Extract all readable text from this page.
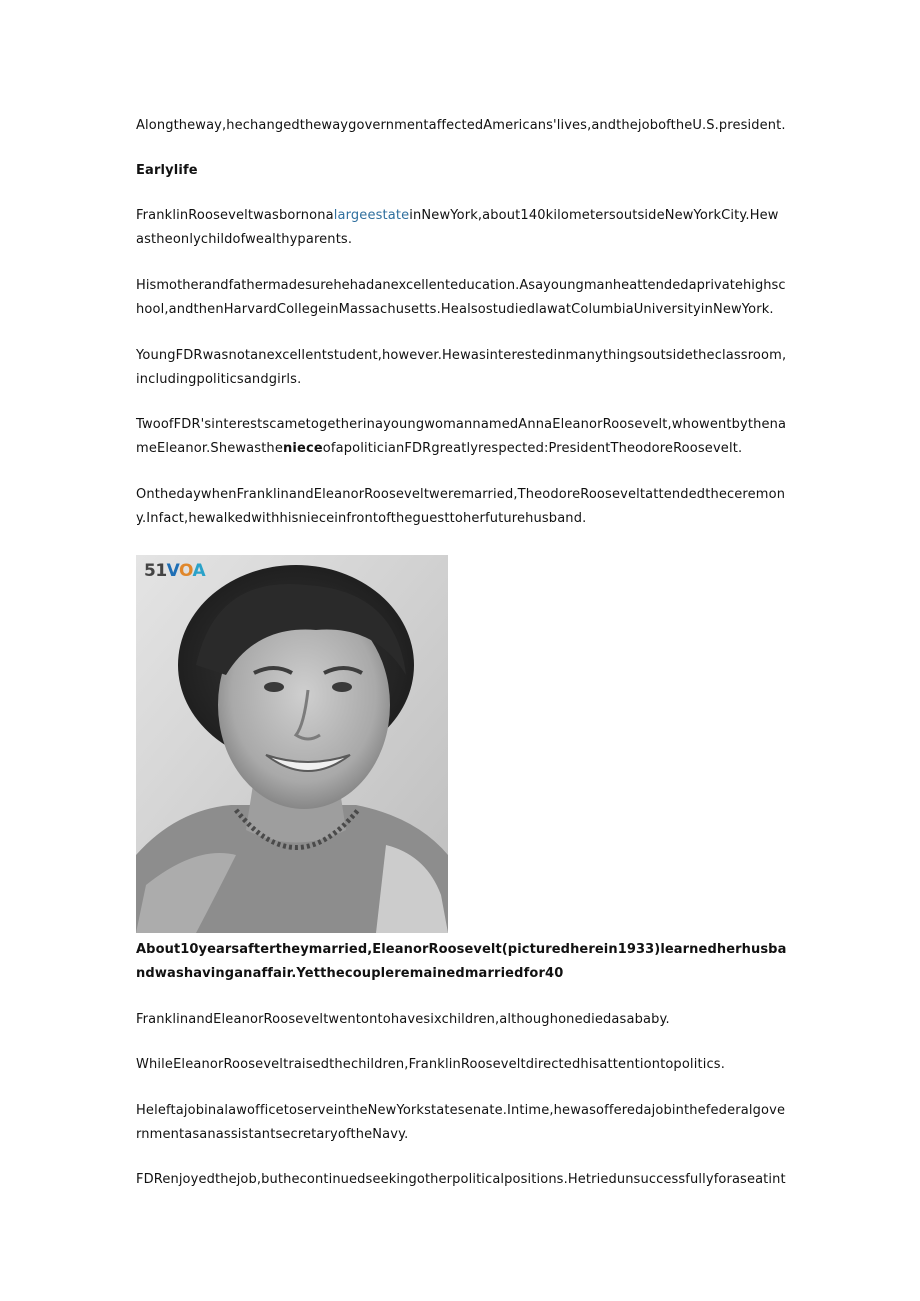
Alongtheway,hechangedthewaygovernmentaffectedAmericans'lives,andthejoboftheU.S.president.
Earlylife
FranklinRooseveltwasbornonalargeestateinNewYork,about140kilometersoutsideNewYorkCity.Hew
astheonlychildofwealthyparents.
Hismotherandfathermadesurehehadanexcellenteducation.Asayoungmanheattendedaprivatehighsc
hool,andthenHarvardCollegeinMassachusetts.HealsostudiedlawatColumbiaUniversityinNewYork.
YoungFDRwasnotanexcellentstudent,however.Hewasinterestedinmanythingsoutsidetheclassroom,
includingpoliticsandgirls.
TwoofFDR'sinterestscametogetherinayoungwomannamedAnnaEleanorRoosevelt,whowentbythena
meEleanor.ShewasthenieceofapoliticianFDRgreatlyrespected:PresidentTheodoreRoosevelt.
OnthedaywhenFranklinandEleanorRooseveltweremarried,TheodoreRooseveltattendedtheceremon
y.Infact,hewalkedwithhisnieceinfrontoftheguesttoherfuturehusband.
51VOA
About10yearsaftertheymarried,EleanorRoosevelt(picturedherein1933)learnedherhusba
ndwashavinganaffair.Yetthecoupleremainedmarriedfor40
FranklinandEleanorRooseveltwentontohavesixchildren,althoughonediedasababy.
WhileEleanorRooseveltraisedthechildren,FranklinRooseveltdirectedhisattentiontopolitics.
HeleftajobinalawofficetoserveintheNewYorkstatesenate.Intime,hewasofferedajobinthefederalgove
rnmentasanassistantsecretaryoftheNavy.
FDRenjoyedthejob,buthecontinuedseekingotherpoliticalpositions.Hetriedunsuccessfullyforaseatint
